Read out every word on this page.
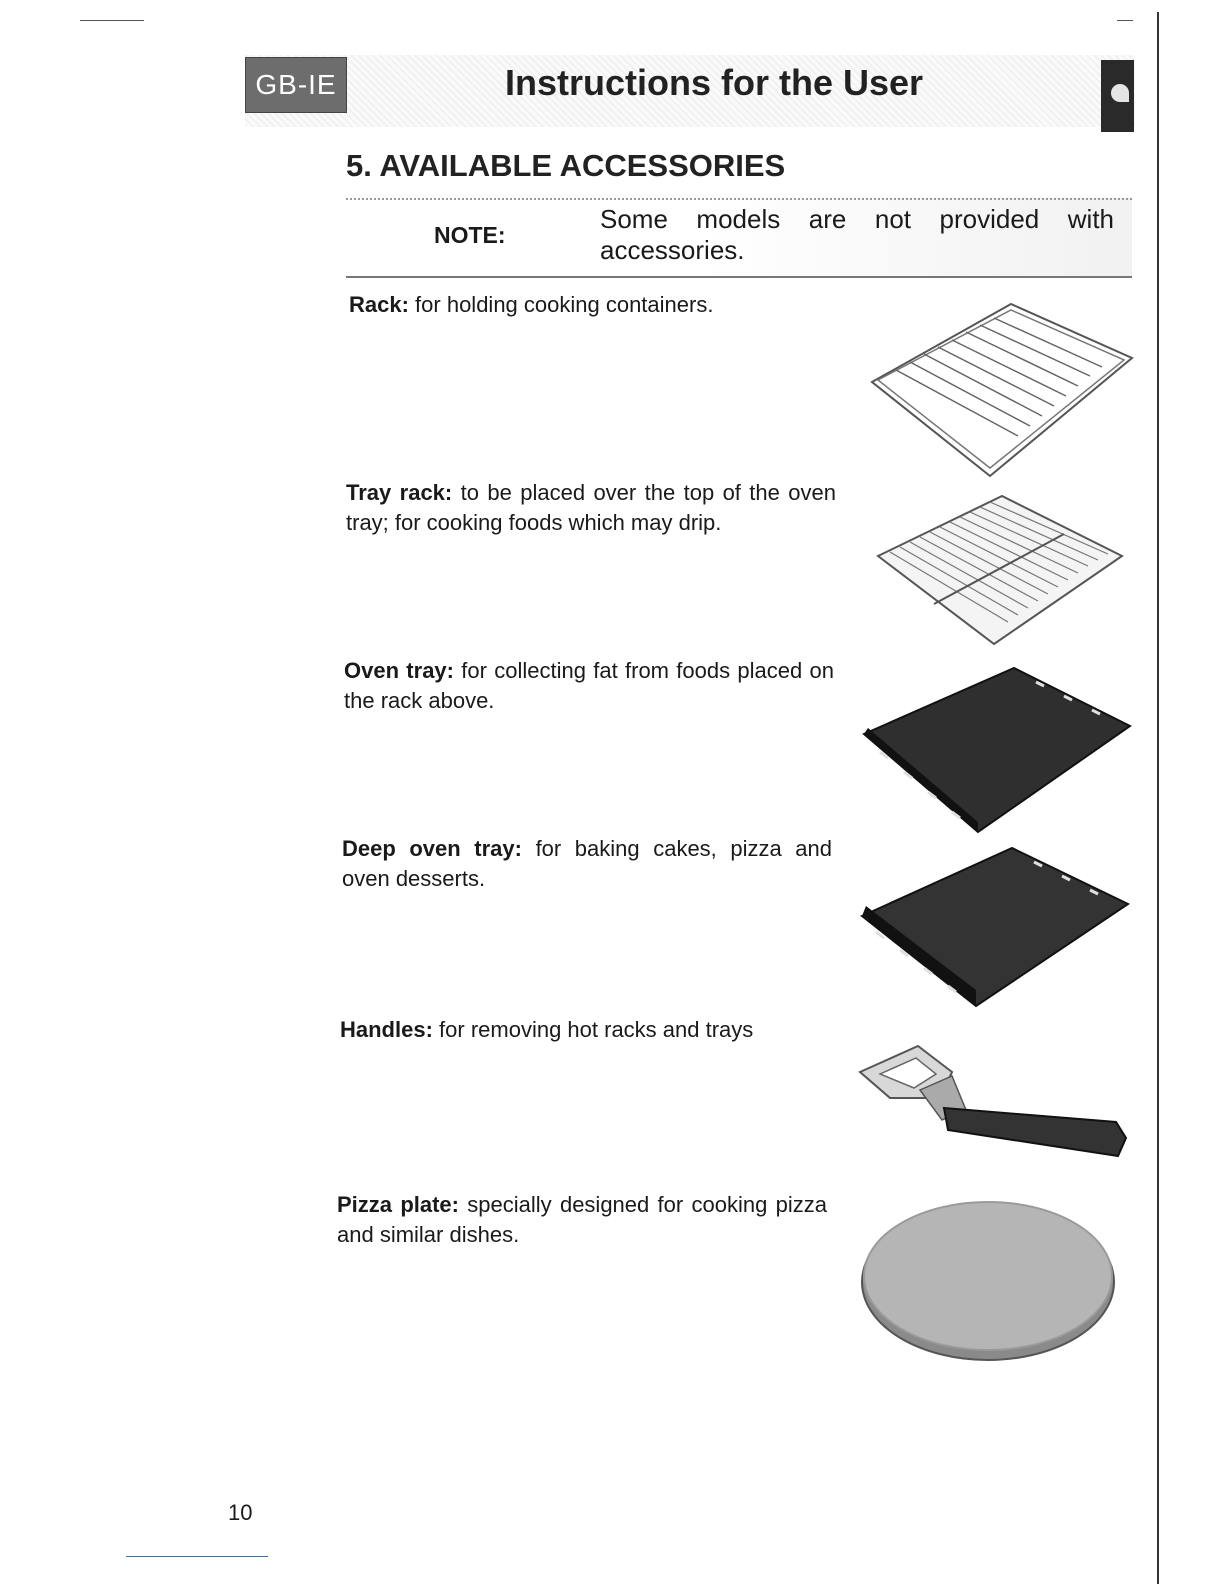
GB-IE	Instructions for the User
5. AVAILABLE ACCESSORIES
NOTE:
Some models are not provided with accessories.
Rack: for holding cooking containers.
Tray rack: to be placed over the top of the oven tray; for cooking foods which may drip.
Oven tray: for collecting fat from foods placed on the rack above.
Deep oven tray: for baking cakes, pizza and oven desserts.
Handles: for removing hot racks and trays
Pizza plate: specially designed for cooking pizza and similar dishes.
10
